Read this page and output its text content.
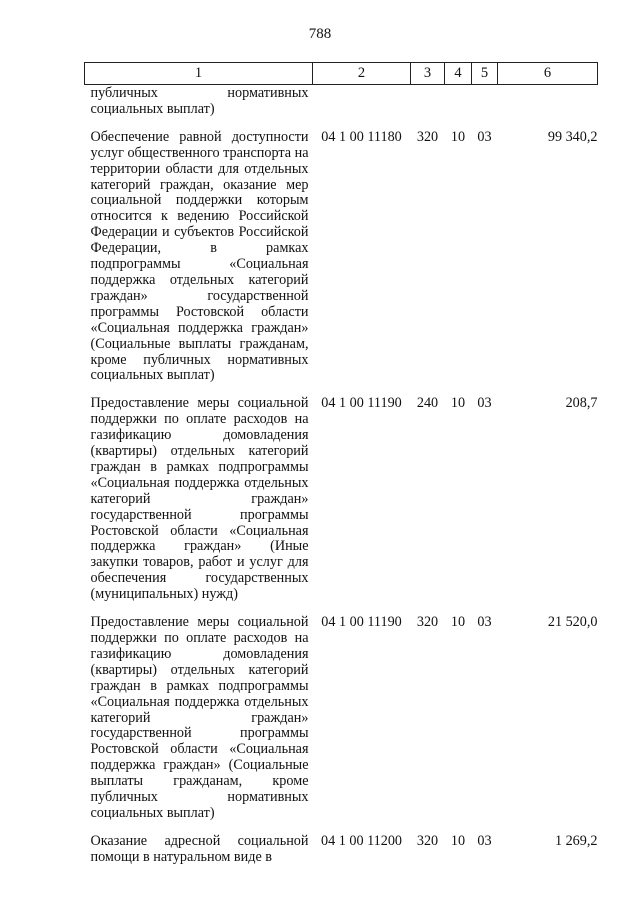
788
1	2	3	4	5	6
публичных нормативных социальных выплат)					

Обеспечение равной доступности услуг общественного транспорта на территории области для отдельных категорий граждан, оказание мер социальной поддержки которым относится к ведению Российской Федерации и субъектов Российской Федерации, в рамках подпрограммы «Социальная поддержка отдельных категорий граждан» государственной программы Ростовской области «Социальная поддержка граждан» (Социальные выплаты гражданам, кроме публичных нормативных социальных выплат)	04 1 00 11180	320	10	03	99 340,2

Предоставление меры социальной поддержки по оплате расходов на газификацию домовладения (квартиры) отдельных категорий граждан в рамках подпрограммы «Социальная поддержка отдельных категорий граждан» государственной программы Ростовской области «Социальная поддержка граждан» (Иные закупки товаров, работ и услуг для обеспечения государственных (муниципальных) нужд)	04 1 00 11190	240	10	03	208,7

Предоставление меры социальной поддержки по оплате расходов на газификацию домовладения (квартиры) отдельных категорий граждан в рамках подпрограммы «Социальная поддержка отдельных категорий граждан» государственной программы Ростовской области «Социальная поддержка граждан» (Социальные выплаты гражданам, кроме публичных нормативных социальных выплат)	04 1 00 11190	320	10	03	21 520,0

Оказание адресной социальной помощи в натуральном виде в	04 1 00 11200	320	10	03	1 269,2
